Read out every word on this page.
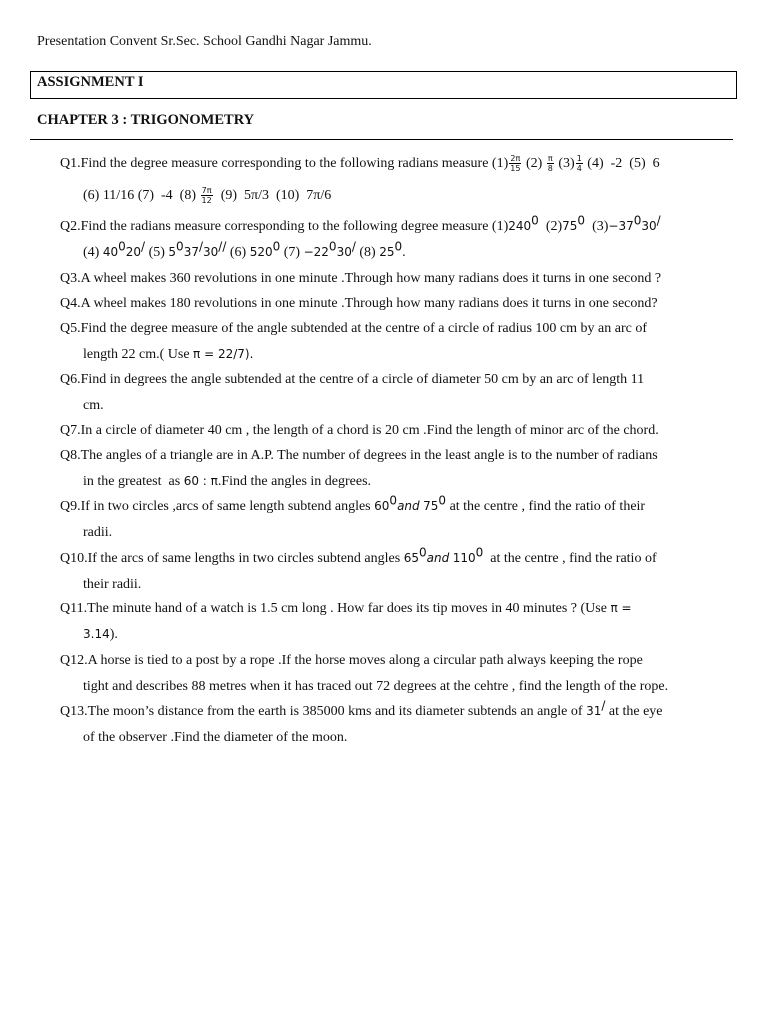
Presentation Convent Sr.Sec. School Gandhi Nagar Jammu.
ASSIGNMENT I
CHAPTER 3 : TRIGONOMETRY
Q1.Find the degree measure corresponding to the following radians measure $(1) \frac{2\pi}{15} (2) \frac{\pi}{8} (3) \frac{1}{4} (4)$  -2  (5)  6
(6) 11/16 (7)  -4  $(8) \frac{7\pi}{12} (9)$  5π/3  (10)  7π/6
Q2.Find the radians measure corresponding to the following degree measure $(1)240^0$  $(2)75^0$  $(3)-37^030^/$
(4) $40^020^/$ (5) $5^037^/30^{//}$ (6) $520^0$ $(7) -22^030^/$ (8) $25^0$.
Q3.A wheel makes 360 revolutions in one minute .Through how many radians does it turns in one second ?
Q4.A wheel makes 180 revolutions in one minute .Through how many radians does it turns in one second?
Q5.Find the degree measure of the angle subtended at the centre of a circle of radius 100 cm by an arc of
length 22 cm.( Use π = 22/7).
Q6.Find in degrees the angle subtended at the centre of a circle of diameter 50 cm by an arc of length 11
cm.
Q7.In a circle of diameter 40 cm , the length of a chord is 20 cm .Find the length of minor arc of the chord.
Q8.The angles of a triangle are in A.P. The number of degrees in the least angle is to the number of radians
in the greatest  as 60 : π.Find the angles in degrees.
Q9.If in two circles ,arcs of same length subtend angles $60^0and$ $75^0$ at the centre , find the ratio of their
radii.
Q10.If the arcs of same lengths in two circles subtend angles $65^0and$ $110^0$  at the centre , find the ratio of
their radii.
Q11.The minute hand of a watch is 1.5 cm long . How far does its tip moves in 40 minutes ? (Use π =
3.14).
Q12.A horse is tied to a post by a rope .If the horse moves along a circular path always keeping the rope
tight and describes 88 metres when it has traced out 72 degrees at the cehtre , find the length of the rope.
Q13.The moon’s distance from the earth is 385000 kms and its diameter subtends an angle of 31/ at the eye
of the observer .Find the diameter of the moon.
